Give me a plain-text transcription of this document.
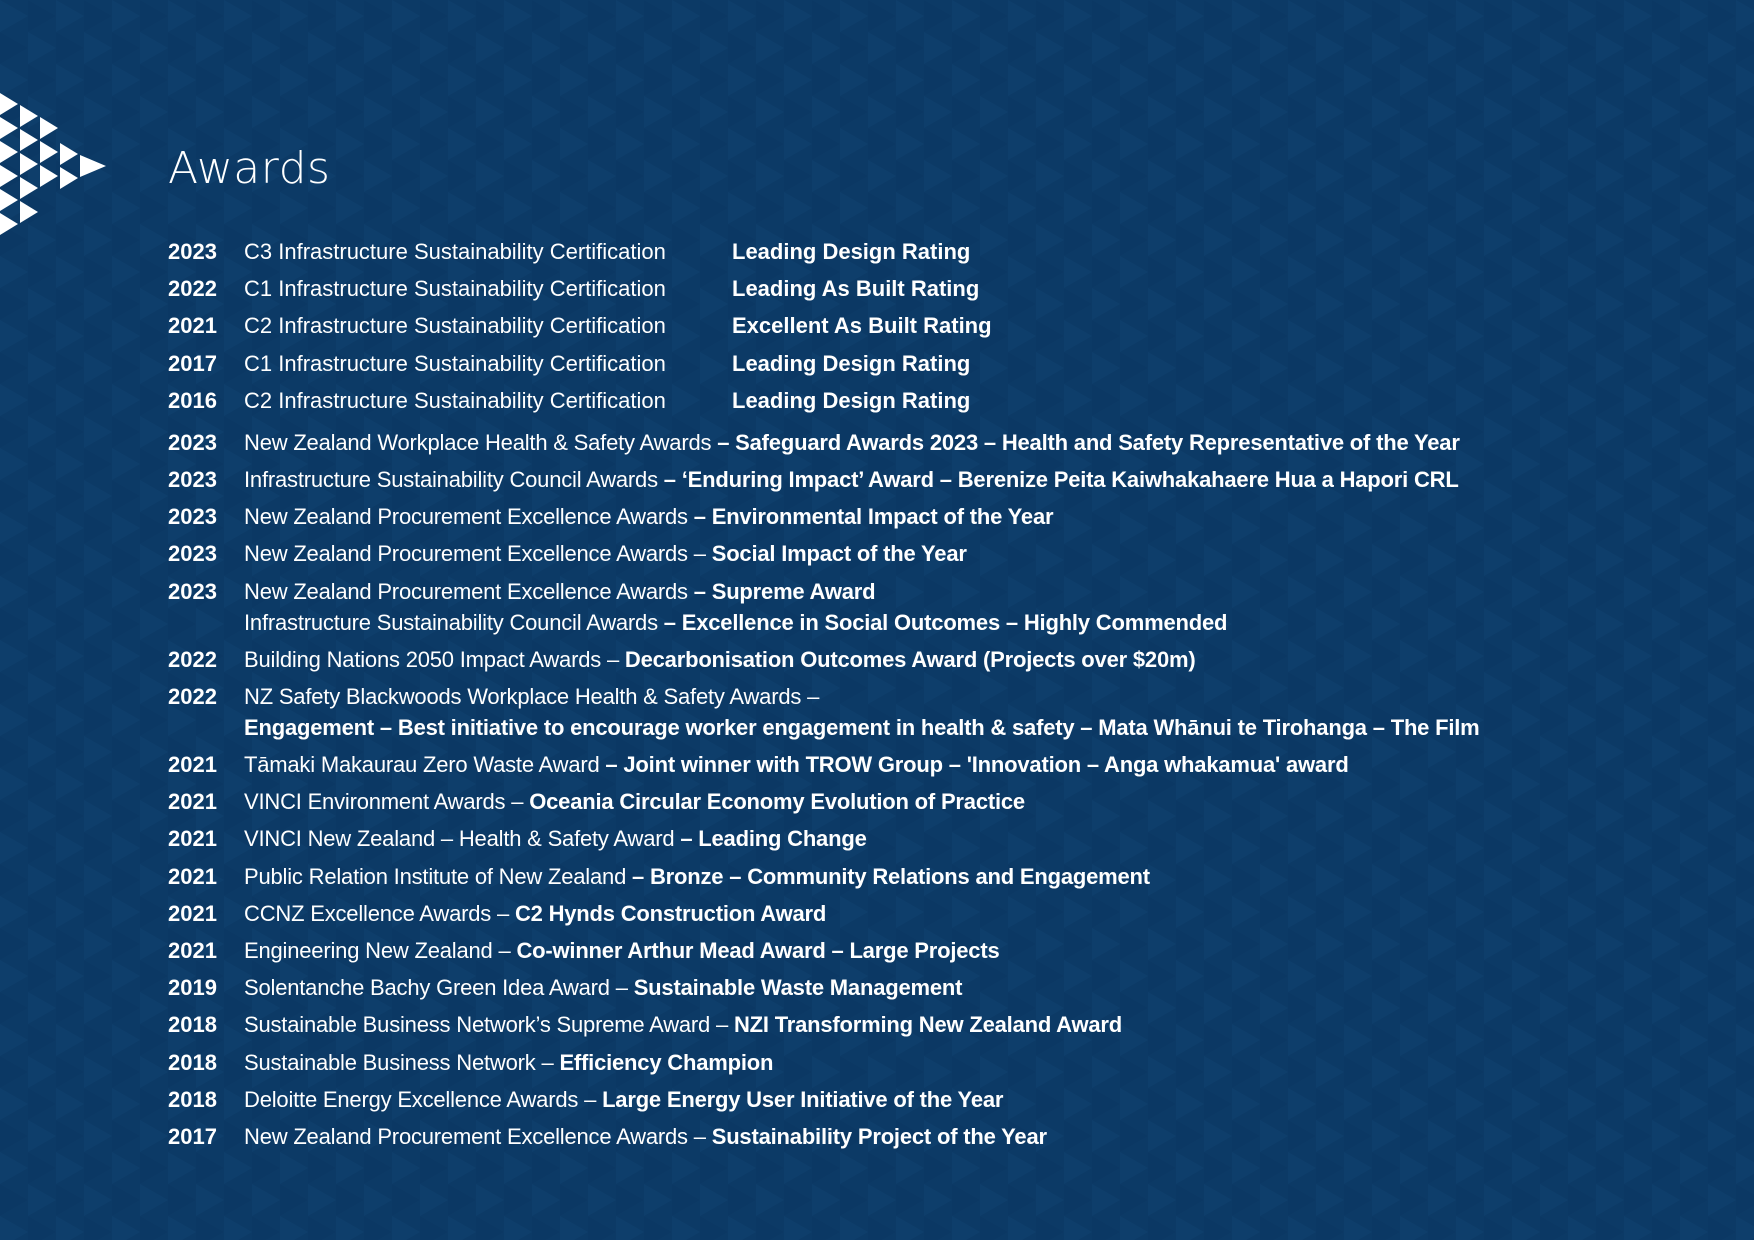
Awards
2023	C3 Infrastructure Sustainability Certification	Leading Design Rating
2022	C1 Infrastructure Sustainability Certification	Leading As Built Rating
2021	C2 Infrastructure Sustainability Certification	Excellent As Built Rating
2017	C1 Infrastructure Sustainability Certification	Leading Design Rating
2016	C2 Infrastructure Sustainability Certification	Leading Design Rating
2023	New Zealand Workplace Health & Safety Awards – Safeguard Awards 2023 – Health and Safety Representative of the Year
2023	Infrastructure Sustainability Council Awards – ‘Enduring Impact’ Award – Berenize Peita Kaiwhakahaere Hua a Hapori CRL
2023	New Zealand Procurement Excellence Awards – Environmental Impact of the Year
2023	New Zealand Procurement Excellence Awards – Social Impact of the Year
2023	New Zealand Procurement Excellence Awards – Supreme Award
Infrastructure Sustainability Council Awards – Excellence in Social Outcomes – Highly Commended
2022	Building Nations 2050 Impact Awards – Decarbonisation Outcomes Award (Projects over $20m)
2022	NZ Safety Blackwoods Workplace Health & Safety Awards –
Engagement – Best initiative to encourage worker engagement in health & safety – Mata Whānui te Tirohanga – The Film
2021	Tāmaki Makaurau Zero Waste Award – Joint winner with TROW Group – 'Innovation – Anga whakamua' award
2021	VINCI Environment Awards – Oceania Circular Economy Evolution of Practice
2021	VINCI New Zealand – Health & Safety Award – Leading Change
2021	Public Relation Institute of New Zealand – Bronze – Community Relations and Engagement
2021	CCNZ Excellence Awards – C2 Hynds Construction Award
2021	Engineering New Zealand – Co-winner Arthur Mead Award – Large Projects
2019	Solentanche Bachy Green Idea Award – Sustainable Waste Management
2018	Sustainable Business Network’s Supreme Award – NZI Transforming New Zealand Award
2018	Sustainable Business Network – Efficiency Champion
2018	Deloitte Energy Excellence Awards – Large Energy User Initiative of the Year
2017	New Zealand Procurement Excellence Awards – Sustainability Project of the Year
